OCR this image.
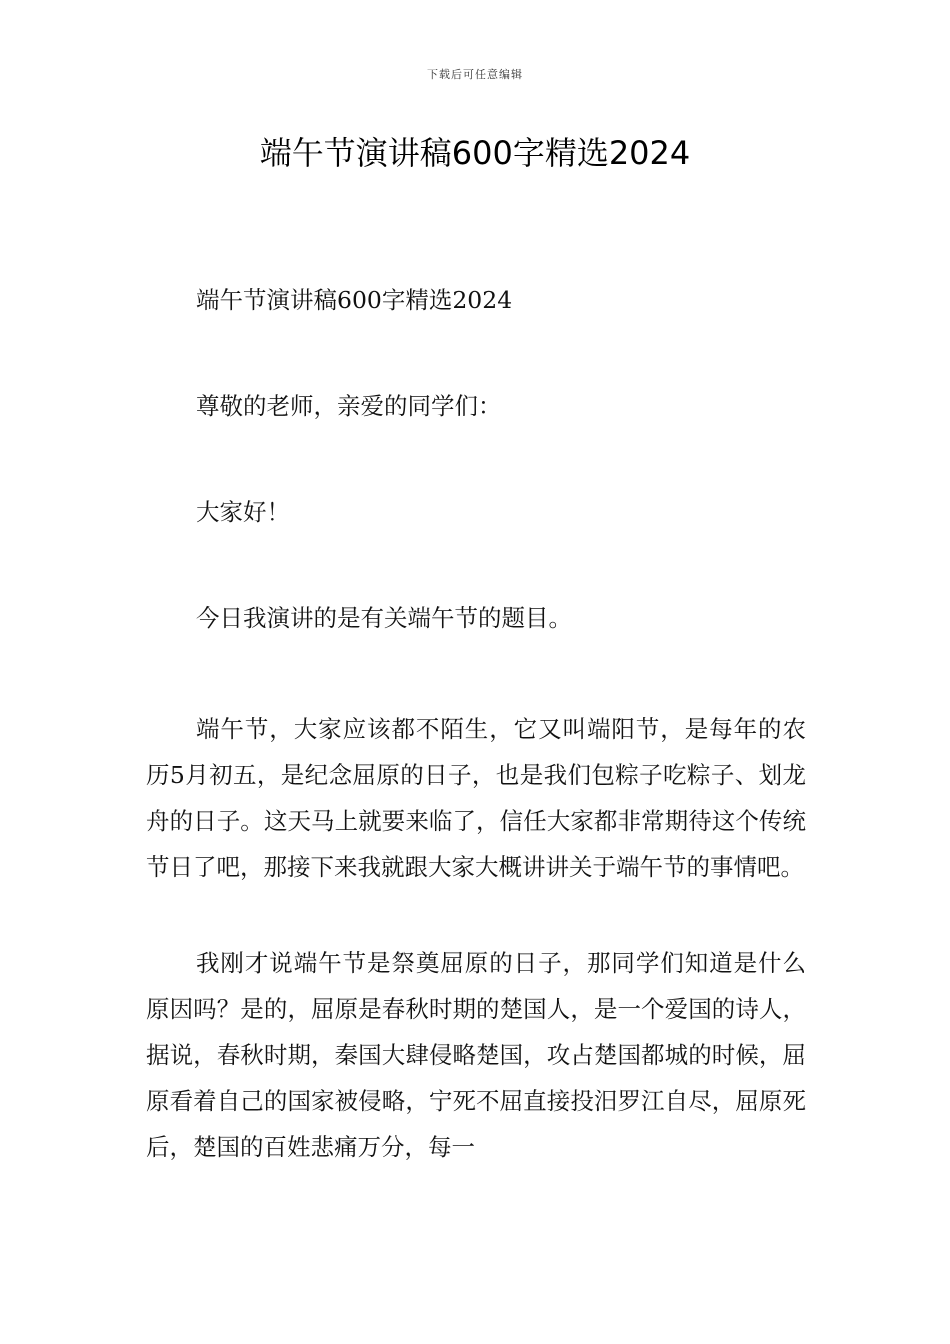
下载后可任意编辑
端午节演讲稿600字精选2024

端午节演讲稿600字精选2024

尊敬的老师，亲爱的同学们：

大家好！

今日我演讲的是有关端午节的题目。

端午节，大家应该都不陌生，它又叫端阳节，是每年的农历5月初五，是纪念屈原的日子，也是我们包粽子吃粽子、划龙舟的日子。这天马上就要来临了，信任大家都非常期待这个传统节日了吧，那接下来我就跟大家大概讲讲关于端午节的事情吧。

我刚才说端午节是祭奠屈原的日子，那同学们知道是什么原因吗？是的，屈原是春秋时期的楚国人，是一个爱国的诗人，据说，春秋时期，秦国大肆侵略楚国，攻占楚国都城的时候，屈原看着自己的国家被侵略，宁死不屈直接投汨罗江自尽，屈原死后，楚国的百姓悲痛万分，每一
